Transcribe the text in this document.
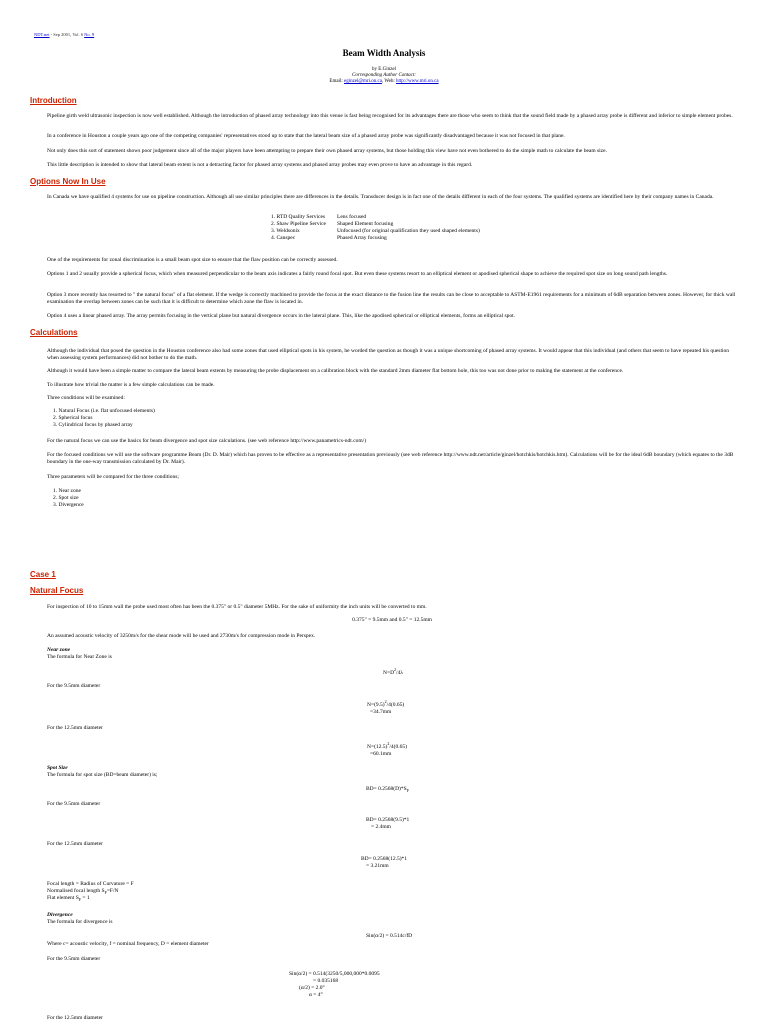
NDT.net - Sep 2001, Vol. 6 No. 9
Beam Width Analysis
by E.Ginzel
Corresponding Author Contact:
Email: eginzel@mri.on.ca, Web: http://www.mri.on.ca
Introduction

Pipeline girth weld ultrasonic inspection is now well established. Although the introduction of phased array technology into this venue is fast being recognised for its advantages there are those who seem to think that the sound field made by a phased array probe is different and inferior to simple element probes.

In a conference in Houston a couple years ago one of the competing companies' representatives stood up to state that the lateral beam size of a phased array probe was significantly disadvantaged because it was not focused in that plane.

Not only does this sort of statement shows poor judgement since all of the major players have been attempting to prepare their own phased array systems, but those holding this view have not even bothered to do the simple math to calculate the beam size.

This little description is intended to show that lateral beam extent is not a detracting factor for phased array systems and phased array probes may even prove to have an advantage in this regard.

Options Now In Use

In Canada we have qualified 4 systems for use on pipeline construction. Although all use similar principles there are differences in the details. Transducer design is in fact one of the details different in each of the four systems. The qualified systems are identified here by their company names in Canada.

1. RTD Quality Services Lens focused
2. Shaw Pipeline Service Shaped Element focusing
3. Weldsonix	Unfocused (for original qualification they used shaped elements)
4. Canspec	Phased Array focusing

One of the requirements for zonal discrimination is a small beam spot size to ensure that the flaw position can be correctly assessed.

Options 1 and 2 usually provide a spherical focus, which when measured perpendicular to the beam axis indicates a fairly round focal spot. But even these systems resort to an elliptical element or apodised spherical shape to achieve the required spot size on long sound path lengths.

Option 3 more recently has resorted to " the natural focus" of a flat element. If the wedge is correctly machined to provide the focus at the exact distance to the fusion line the results can be close to acceptable to ASTM-E1961 requirements for a minimum of 6dB separation between zones. However, for thick wall examination the overlap between zones can be such that it is difficult to determine which zone the flaw is located in.

Option 4 uses a linear phased array. The array permits focusing in the vertical plane but natural divergence occurs in the lateral plane. This, like the apodised spherical or elliptical elements, forms an elliptical spot.

Calculations

Although the individual that posed the question in the Houston conference also had some zones that used elliptical spots in his system, he worded the question as though it was a unique shortcoming of phased array systems. It would appear that this individual (and others that seem to have repeated his question when assessing system performances) did not bother to do the math.

Although it would have been a simple matter to compare the lateral beam extents by measuring the probe displacement on a calibration block with the standard 2mm diameter flat bottom hole, this too was not done prior to making the statement at the conference.

To illustrate how trivial the matter is a few simple calculations can be made.

Three conditions will be examined:

1. Natural Focus (i.e. flat unfocused elements)
2. Spherical focus
3. Cylindrical focus by phased array

For the natural focus we can use the basics for beam divergence and spot size calculations. (see web reference http://www.panametrics-ndt.com/)

For the focused conditions we will use the software programme Beam (Dr. D. Mair) which has proven to be effective as a representative presentation previously (see web reference http://www.ndt.net/article/ginzel/hotchkis/hotchkis.htm). Calculations will be for the ideal 6dB boundary (which equates to the 3dB boundary in the one-way transmission calculated by Dr. Mair).

Three parameters will be compared for the three conditions;

1. Near zone
2. Spot size
3. Divergence
Case 1
Natural Focus

For inspection of 10 to 15mm wall the probe used most often has been the 0.375" or 0.5" diameter 5MHz. For the sake of uniformity the inch units will be converted to mm.

0.375" = 9.5mm and 0.5" = 12.5mm

An assumed acoustic velocity of 3250m/s for the shear mode will be used and 2730m/s for compression mode in Perspex.

Near zone
The formula for Near Zone is
$N=D^2/4\lambda$

For the 9.5mm diameter

$N=(9.5)^2/4(0.65)$
=34.7mm

For the 12.5mm diameter

$N=(12.5)^2/4(0.65)$
=60.1mm
Spot Size
The formula for spot size (BD=beam diameter) is;
$BD= 0.2568(D)*S_F$

For the 9.5mm diameter

BD= 0.2568(9.5)*1
= 2.4mm

For the 12.5mm diameter

BD= 0.2568(12.5)*1
= 3.21mm
Focal length = Radius of Curvature = F
Normalised focal length $S_F=F/N$
Flat element $S_F = 1$
Divergence
The formula for divergence is
Sin(α/2) = 0.514c/fD

Where c= acoustic velocity, f = nominal frequency, D = element diameter

For the 9.5mm diameter

Sin(α/2) = 0.514(3250/5,000,000*0.0095
= 0.035168
(α/2) = 2.0°
α = 4°

For the 12.5mm diameter
